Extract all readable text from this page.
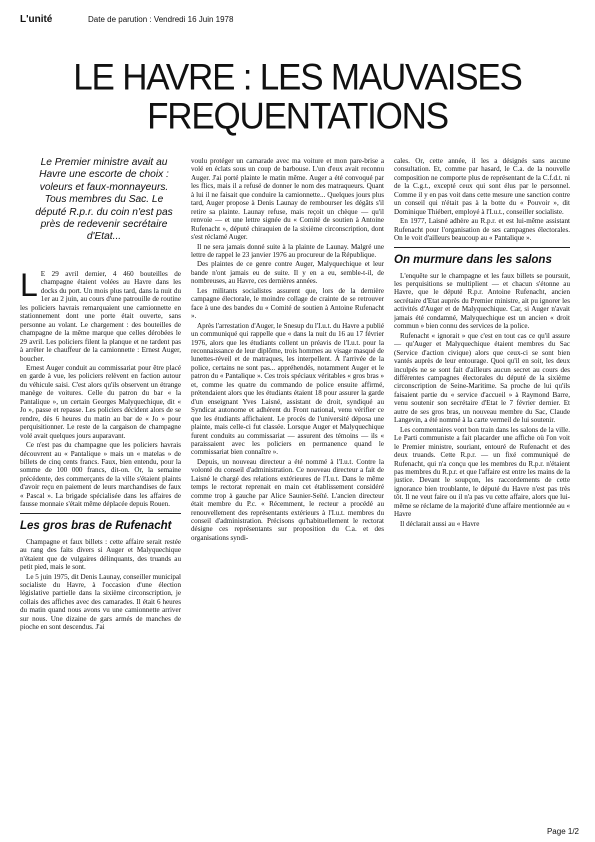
L'unité	Date de parution : Vendredi 16 Juin 1978
LE HAVRE : LES MAUVAISES
FREQUENTATIONS
Le Premier ministre avait au Havre une escorte de choix : voleurs et faux-monnayeurs. Tous membres du Sac. Le député R.p.r. du coin n'est pas près de redevenir secrétaire d'Etat...

L E 29 avril dernier, 4 460 bouteilles de champagne étaient volées au Havre dans les docks du port. Un mois plus tard, dans la nuit du 1er au 2 juin, au cours d'une patrouille de routine les policiers havrais remarquaient une camionnette en stationnement dont une porte était ouverte, sans personne au volant. Le chargement : des bouteilles de champagne de la même marque que celles dérobées le 29 avril. Les policiers filent la planque et ne tardent pas à arrêter le chauffeur de la camionnette : Ernest Auger, boucher.

Ernest Auger conduit au commissariat pour être placé en garde à vue, les policiers relèvent en faction autour du véhicule saisi. C'est alors qu'ils observent un étrange manège de voitures. Celle du patron du bar « la Pantalique », un certain Georges Malyquechique, dit « Jo », passe et repasse. Les policiers décident alors de se rendre, dès 6 heures du matin au bar de « Jo » pour perquisitionner. Le reste de la cargaison de champagne volé avait quelques jours auparavant.

Ce n'est pas du champagne que les policiers havrais découvrent au « Pantalique » mais un « matelas » de billets de cinq cents francs. Faux, bien entendu, pour la somme de 100 000 francs, dit-on. Or, la semaine précédente, des commerçants de la ville s'étaient plaints d'avoir reçu en paiement de leurs marchandises de faux « Pascal ». La brigade spécialisée dans les affaires de fausse monnaie s'était même déplacée depuis Rouen.

Les gros bras de Rufenacht

Champagne et faux billets : cette affaire serait restée au rang des faits divers si Auger et Malyquechique n'étaient que de vulgaires délinquants, des truands au petit pied, mais le sont.

Le 5 juin 1975, dit Denis Launay, conseiller municipal socialiste du Havre, à l'occasion d'une élection législative partielle dans la sixième circonscription, je collais des affiches avec des camarades. Il était 6 heures du matin quand nous avons vu une camionnette arriver sur nous. Une dizaine de gars armés de manches de pioche en sont descendus. J'ai

voulu protéger un camarade avec ma voiture et mon pare-brise a volé en éclats sous un coup de barbouse. L'un d'eux avait reconnu Auger. J'ai porté plainte le matin même. Auger a été convoqué par les flics, mais il a refusé de donner le nom des matraqueurs. Quant à lui il ne faisait que conduire la camionnette... Quelques jours plus tard, Auger propose à Denis Launay de rembourser les dégâts s'il retire sa plainte. Launay refuse, mais reçoit un chèque — qu'il renvoie — et une lettre signée du « Comité de soutien à Antoine Rufenacht », député chiraquien de la sixième circonscription, dont s'est réclamé Auger.

Il ne sera jamais donné suite à la plainte de Launay. Malgré une lettre de rappel le 23 janvier 1976 au procureur de la République.

Des plaintes de ce genre contre Auger, Malyquechique et leur bande n'ont jamais eu de suite. Il y en a eu, semble-t-il, de nombreuses, au Havre, ces dernières années.

Les militants socialistes assurent que, lors de la dernière campagne électorale, le moindre collage de crainte de se retrouver face à une des bandes du « Comité de soutien à Antoine Rufenacht ».

Après l'arrestation d'Auger, le Snesup du l'I.u.t. du Havre a publié un communiqué qui rappelle que « dans la nuit du 16 au 17 février 1976, alors que les étudiants collent un préavis de l'I.u.t. pour la reconnaissance de leur diplôme, trois hommes au visage masqué de lunettes-réveil et de matraques, les interpellent. À l'arrivée de la police, certains ne sont pas... appréhendés, notamment Auger et le patron du « Pantalique ». Ces trois spéciaux véritables « gros bras » et, comme les quatre du commando de police ensuite affirmé, prétendaient alors que les étudiants étaient 18 pour assurer la garde d'un enseignant Yves Laisné, assistant de droit, syndiqué au Syndicat autonome et adhérent du Front national, venu vérifier ce que les étudiants affichaient. Le procès de l'université déposa une plainte, mais celle-ci fut classée. Lorsque Auger et Malyquechique furent conduits au commissariat — assurent des témoins — ils « paraissaient avec les policiers en permanence quand le commissariat bien connaître ».

Depuis, un nouveau directeur a été nommé à l'I.u.t. Contre la volonté du conseil d'administration. Ce nouveau directeur a fait de Laisné le chargé des relations extérieures de l'I.u.t. Dans le même temps le rectorat reprenait en main cet établissement considéré comme trop à gauche par Alice Saunier-Seïté. L'ancien directeur était membre du P.c. « Récemment, le recteur a procédé au renouvellement des représentants extérieurs à l'I.u.t. membres du conseil d'administration. Précisons qu'habituellement le rectorat désigne ces représentants sur proposition du C.a. et des organisations syndi-

cales. Or, cette année, il les a désignés sans aucune consultation. Et, comme par hasard, le C.a. de la nouvelle composition ne comporte plus de représentant de la C.f.d.t. ni de la C.g.t., excepté ceux qui sont élus par le personnel. Comme il y en pas voit dans cette mesure une sanction contre un conseil qui n'était pas à la botte du « Pouvoir », dit Dominique Thiébert, employé à l'I.u.t., conseiller socialiste.

En 1977, Laisné adhère au R.p.r. et est lui-même assistant Rufenacht pour l'organisation de ses campagnes électorales. On le voit d'ailleurs beaucoup au « Pantalique ».

On murmure dans les salons

L'enquête sur le champagne et les faux billets se poursuit, les perquisitions se multiplient — et chacun s'étonne au Havre, que le député R.p.r. Antoine Rufenacht, ancien secrétaire d'Etat auprès du Premier ministre, ait pu ignorer les activités d'Auger et de Malyquechique. Car, si Auger n'avait jamais été condamné, Malyquechique est un ancien « droit commun » bien connu des services de la police.

Rufenacht « ignorait » que c'est en tout cas ce qu'il assure — qu'Auger et Malyquechique étaient membres du Sac (Service d'action civique) alors que ceux-ci se sont bien vantés auprès de leur entourage. Quoi qu'il en soit, les deux inculpés ne se sont fait d'ailleurs aucun secret au cours des différentes campagnes électorales du député de la sixième circonscription de Seine-Maritime. Sa proche de lui qu'ils faisaient partie du « service d'accueil » à Raymond Barre, venu soutenir son secrétaire d'Etat le 7 février dernier. Et autre de ses gros bras, un nouveau membre du Sac, Claude Langevin, a été nommé à la carte vermeil de lui soutenir.

Les commentaires vont bon train dans les salons de la ville. Le Parti communiste a fait placarder une affiche où l'on voit le Premier ministre, souriant, entouré de Rufenacht et des deux truands. Cette R.p.r. — un fixé communiqué de Rufenacht, qui n'a conçu que les membres du R.p.r. n'étaient pas membres du R.p.r. et que l'affaire est entre les mains de la justice. Devant le soupçon, les raccordements de cette ignorance bien troublante, le député du Havre n'est pas très tôt. Il ne veut faire ou il n'a pas vu cette affaire, alors que lui-même se réclame de la majorité d'une affaire mentionnée au « Havre

Il déclarait aussi au « Havre

Page 1/2
